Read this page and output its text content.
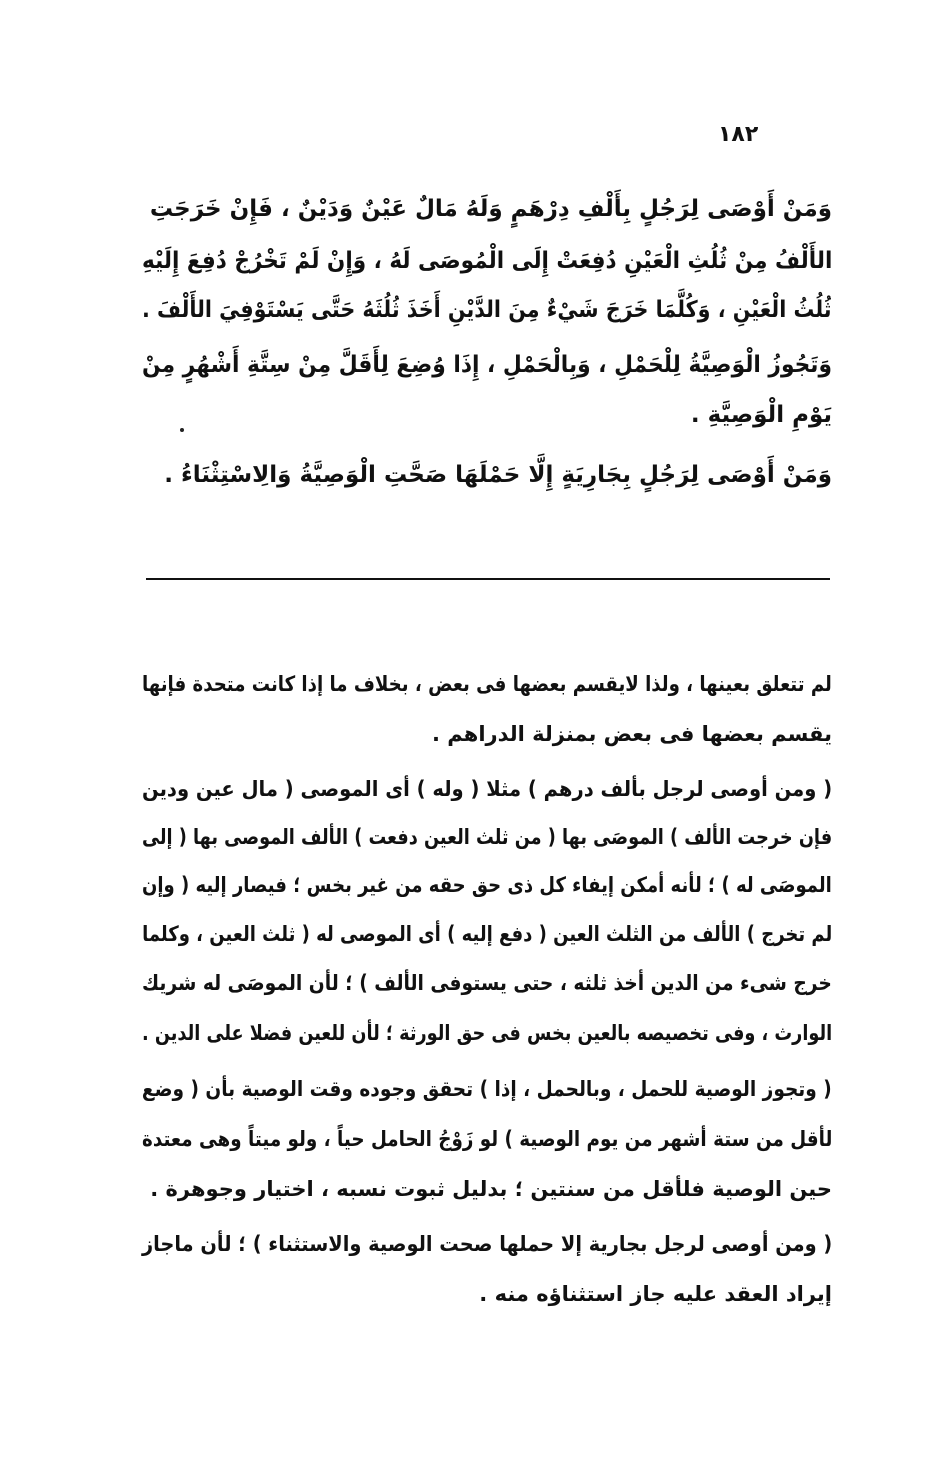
١٨٢
وَمَنْ أَوْصَى لِرَجُلٍ بِأَلْفِ دِرْهَمٍ وَلَهُ مَالٌ عَيْنٌ وَدَيْنٌ ، فَإِنْ خَرَجَتِ
الأَلْفُ مِنْ ثُلُثِ الْعَيْنِ دُفِعَتْ إِلَى الْمُوصَى لَهُ ، وَإِنْ لَمْ تَخْرُجْ دُفِعَ إِلَيْهِ
ثُلُثُ الْعَيْنِ ، وَكُلَّمَا خَرَجَ شَيْءٌ مِنَ الدَّيْنِ أَخَذَ ثُلُثَهُ حَتَّى يَسْتَوْفِيَ الأَلْفَ .
وَتَجُوزُ الْوَصِيَّةُ لِلْحَمْلِ ، وَبِالْحَمْلِ ، إِذَا وُضِعَ لِأَقَلَّ مِنْ سِتَّةِ أَشْهُرٍ مِنْ
يَوْمِ الْوَصِيَّةِ .
وَمَنْ أَوْصَى لِرَجُلٍ بِجَارِيَةٍ إِلَّا حَمْلَهَا صَحَّتِ الْوَصِيَّةُ وَالِاسْتِثْنَاءُ .
لم تتعلق بعينها ، ولذا لايقسم بعضها فى بعض ، بخلاف ما إذا كانت متحدة فإنها
يقسم بعضها فى بعض بمنزلة الدراهم .
( ومن أوصى لرجل بألف درهم ) مثلا ( وله ) أى الموصى ( مال عين ودين
فإن خرجت الألف ) الموصَى بها ( من ثلث العين دفعت ) الألف الموصى بها ( إلى
الموصَى له ) ؛ لأنه أمكن إيفاء كل ذى حق حقه من غير بخس ؛ فيصار إليه ( وإن
لم تخرج ) الألف من الثلث العين ( دفع إليه ) أى الموصى له ( ثلث العين ، وكلما
خرج شىء من الدين أخذ ثلثه ، حتى يستوفى الألف ) ؛ لأن الموصَى له شريك
الوارث ، وفى تخصيصه بالعين بخس فى حق الورثة ؛ لأن للعين فضلا على الدين .
( وتجوز الوصية للحمل ، وبالحمل ، إذا ) تحقق وجوده وقت الوصية بأن ( وضع
لأقل من ستة أشهر من يوم الوصية ) لو زَوْجُ الحامل حياً ، ولو ميتاً وهى معتدة
حين الوصية فلأقل من سنتين ؛ بدليل ثبوت نسبه ، اختيار وجوهرة .
( ومن أوصى لرجل بجارية إلا حملها صحت الوصية والاستثناء ) ؛ لأن ماجاز
إيراد العقد عليه جاز استثناؤه منه .
